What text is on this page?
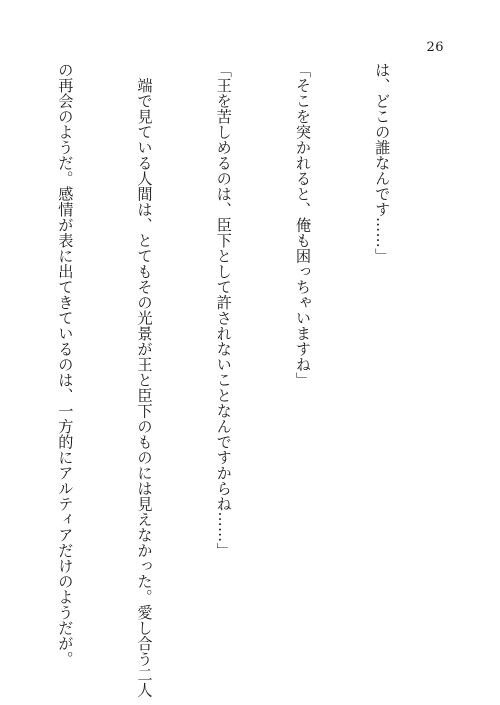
26

は、どこの誰なんです……」

「そこを突かれると、俺も困っちゃいますね」

「王を苦しめるのは、臣下として許されないことなんですからね……」

　端で見ている人間は、とてもその光景が王と臣下のものには見えなかった。愛し合う二人

の再会のようだ。感情が表に出てきているのは、一方的にアルティアだけのようだが。
